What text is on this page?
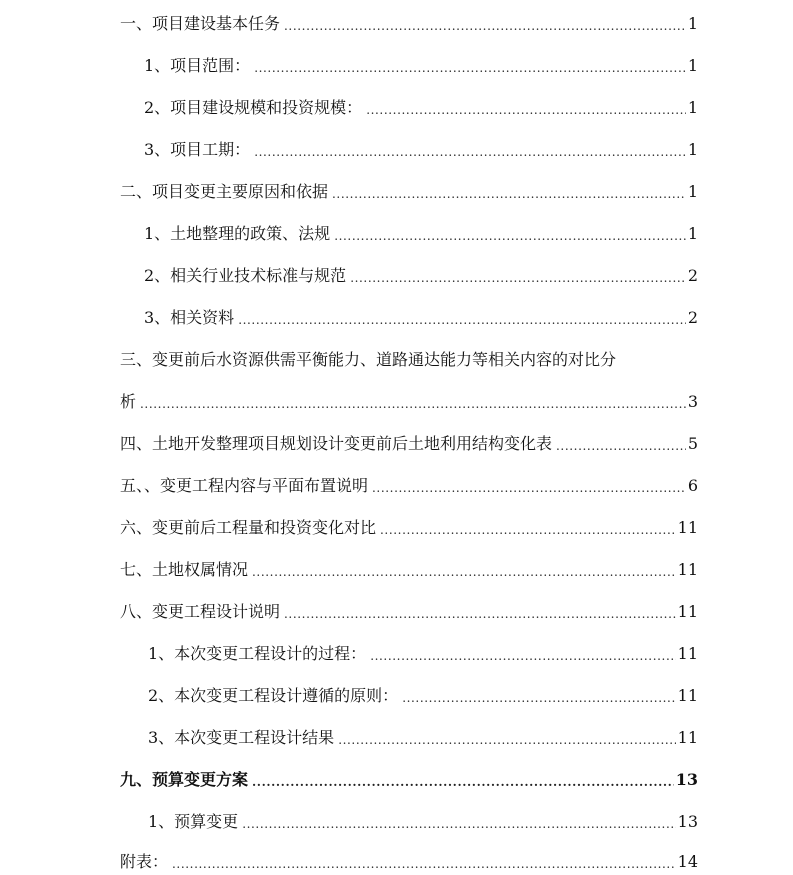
一、项目建设基本任务 .....	1
1、项目范围： .....	1
2、项目建设规模和投资规模： .....	1
3、项目工期： .....	1
二、项目变更主要原因和依据 .....	1
1、土地整理的政策、法规 .....	1
2、相关行业技术标准与规范 .....	2
3、相关资料 .....	2
三、变更前后水资源供需平衡能力、道路通达能力等相关内容的对比分
析 .....	3
四、土地开发整理项目规划设计变更前后土地利用结构变化表 .....	5
五、、变更工程内容与平面布置说明 .....	6
六、变更前后工程量和投资变化对比 .....	11
七、土地权属情况 .....	11
八、变更工程设计说明 .....	11
1、本次变更工程设计的过程： .....	11
2、本次变更工程设计遵循的原则： .....	11
3、本次变更工程设计结果 .....	11
九、预算变更方案 .....	13
1、预算变更 .....	13
附表： .....	14
